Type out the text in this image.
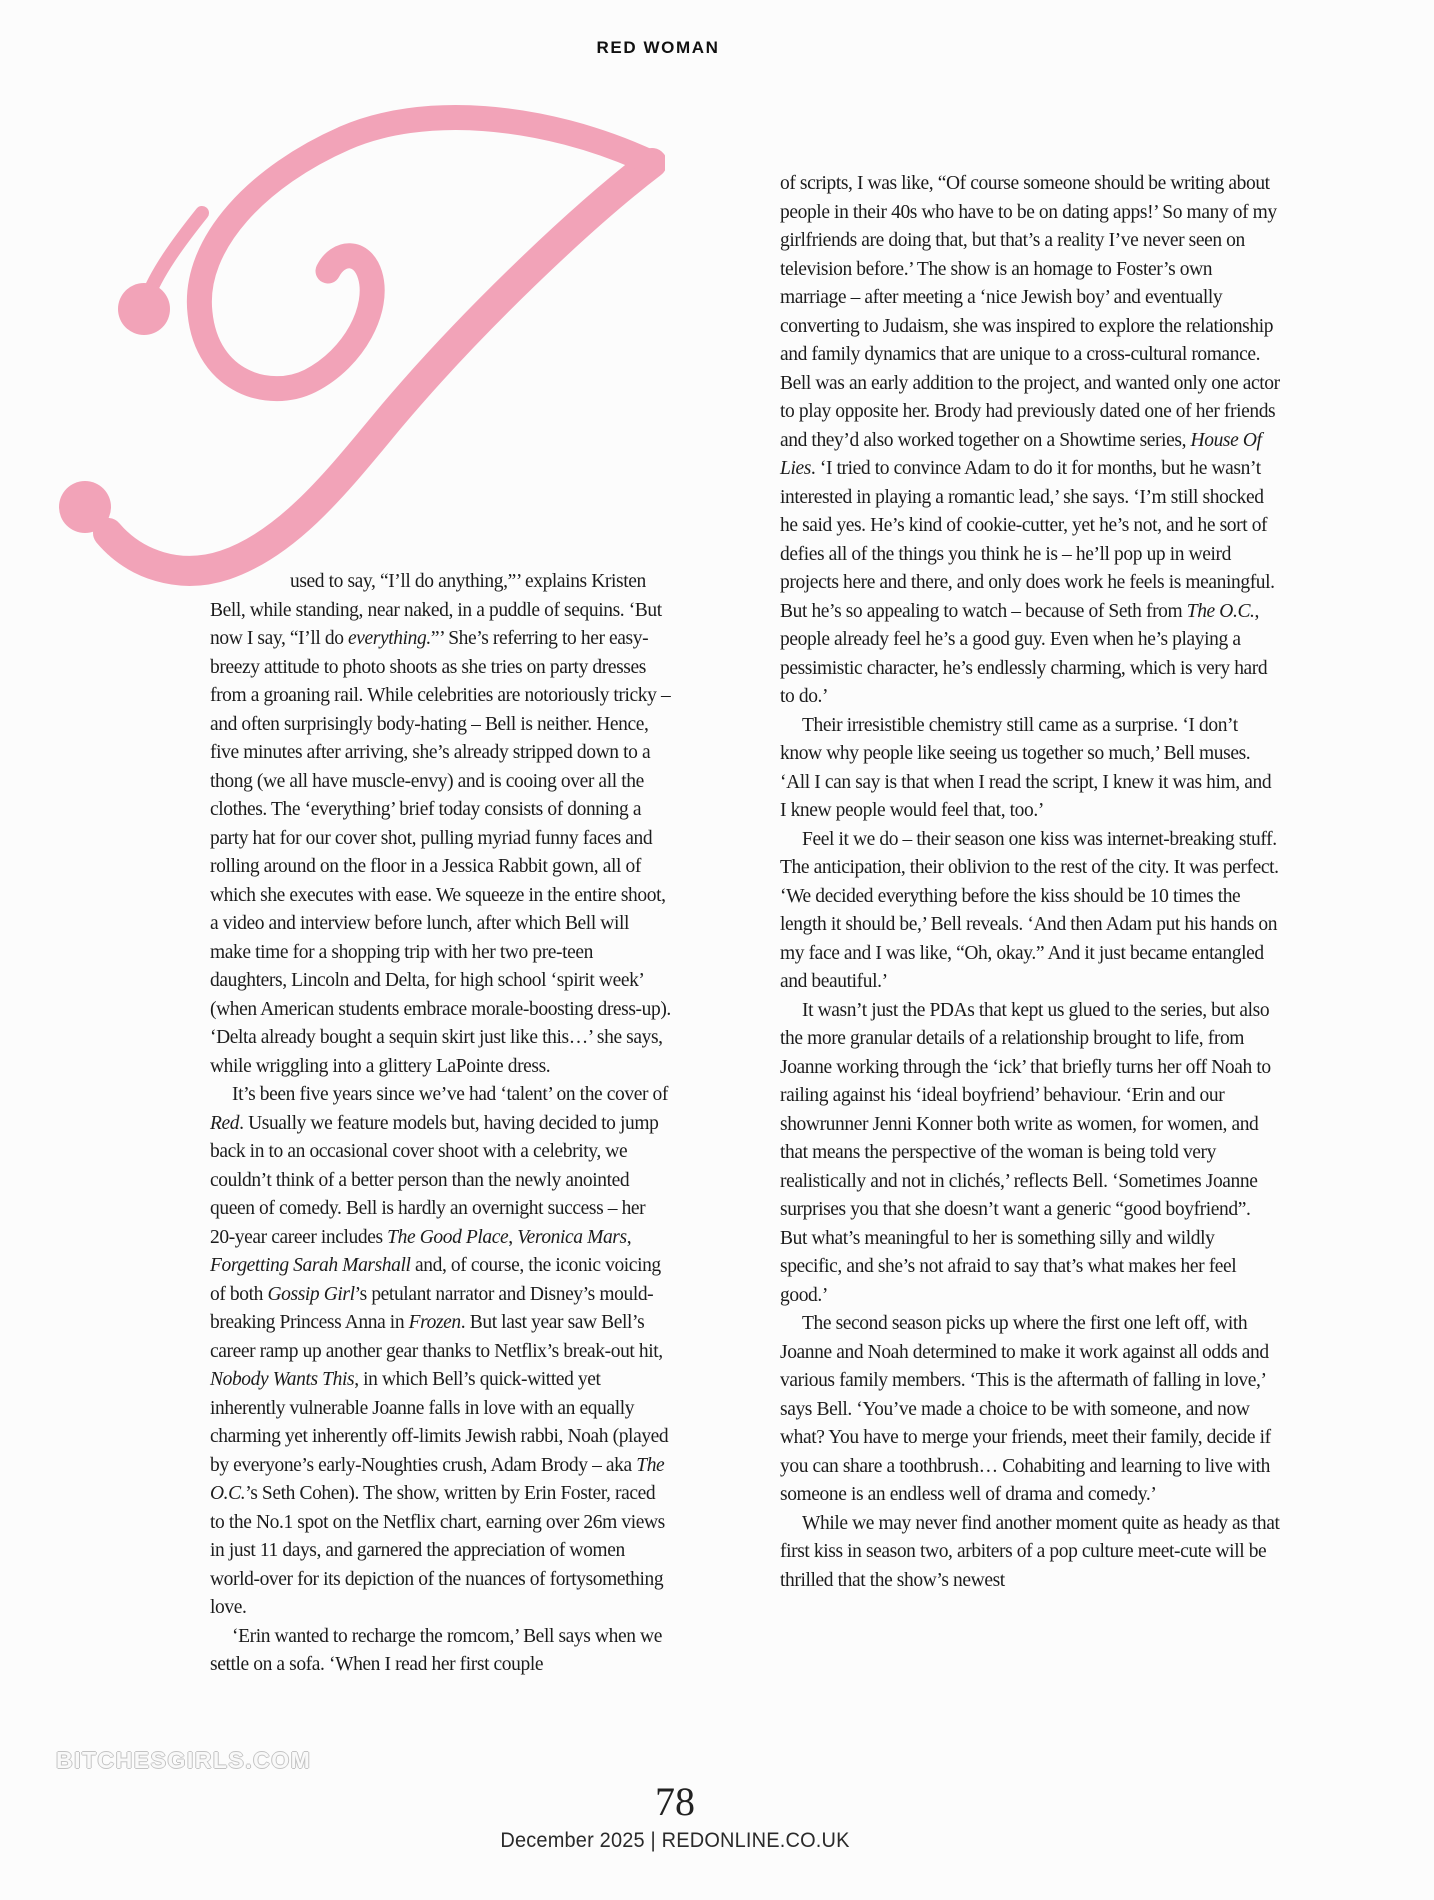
RED WOMAN

used to say, “I’ll do anything,”’ explains Kristen Bell, while standing, near naked, in a puddle of sequins. ‘But now I say, “I’ll do everything.”’ She’s referring to her easy-breezy attitude to photo shoots as she tries on party dresses from a groaning rail. While celebrities are notoriously tricky – and often surprisingly body-hating – Bell is neither. Hence, five minutes after arriving, she’s already stripped down to a thong (we all have muscle-envy) and is cooing over all the clothes. The ‘everything’ brief today consists of donning a party hat for our cover shot, pulling myriad funny faces and rolling around on the floor in a Jessica Rabbit gown, all of which she executes with ease. We squeeze in the entire shoot, a video and interview before lunch, after which Bell will make time for a shopping trip with her two pre-teen daughters, Lincoln and Delta, for high school ‘spirit week’ (when American students embrace morale-boosting dress-up). ‘Delta already bought a sequin skirt just like this…’ she says, while wriggling into a glittery LaPointe dress.

It’s been five years since we’ve had ‘talent’ on the cover of Red. Usually we feature models but, having decided to jump back in to an occasional cover shoot with a celebrity, we couldn’t think of a better person than the newly anointed queen of comedy. Bell is hardly an overnight success – her 20-year career includes The Good Place, Veronica Mars, Forgetting Sarah Marshall and, of course, the iconic voicing of both Gossip Girl’s petulant narrator and Disney’s mould-breaking Princess Anna in Frozen. But last year saw Bell’s career ramp up another gear thanks to Netflix’s break-out hit, Nobody Wants This, in which Bell’s quick-witted yet inherently vulnerable Joanne falls in love with an equally charming yet inherently off-limits Jewish rabbi, Noah (played by everyone’s early-Noughties crush, Adam Brody – aka The O.C.’s Seth Cohen). The show, written by Erin Foster, raced to the No.1 spot on the Netflix chart, earning over 26m views in just 11 days, and garnered the appreciation of women world-over for its depiction of the nuances of fortysomething love.

‘Erin wanted to recharge the romcom,’ Bell says when we settle on a sofa. ‘When I read her first couple

of scripts, I was like, “Of course someone should be writing about people in their 40s who have to be on dating apps!’ So many of my girlfriends are doing that, but that’s a reality I’ve never seen on television before.’ The show is an homage to Foster’s own marriage – after meeting a ‘nice Jewish boy’ and eventually converting to Judaism, she was inspired to explore the relationship and family dynamics that are unique to a cross-cultural romance. Bell was an early addition to the project, and wanted only one actor to play opposite her. Brody had previously dated one of her friends and they’d also worked together on a Showtime series, House Of Lies. ‘I tried to convince Adam to do it for months, but he wasn’t interested in playing a romantic lead,’ she says. ‘I’m still shocked he said yes. He’s kind of cookie-cutter, yet he’s not, and he sort of defies all of the things you think he is – he’ll pop up in weird projects here and there, and only does work he feels is meaningful. But he’s so appealing to watch – because of Seth from The O.C., people already feel he’s a good guy. Even when he’s playing a pessimistic character, he’s endlessly charming, which is very hard to do.’

Their irresistible chemistry still came as a surprise. ‘I don’t know why people like seeing us together so much,’ Bell muses. ‘All I can say is that when I read the script, I knew it was him, and I knew people would feel that, too.’

Feel it we do – their season one kiss was internet-breaking stuff. The anticipation, their oblivion to the rest of the city. It was perfect. ‘We decided everything before the kiss should be 10 times the length it should be,’ Bell reveals. ‘And then Adam put his hands on my face and I was like, “Oh, okay.” And it just became entangled and beautiful.’

It wasn’t just the PDAs that kept us glued to the series, but also the more granular details of a relationship brought to life, from Joanne working through the ‘ick’ that briefly turns her off Noah to railing against his ‘ideal boyfriend’ behaviour. ‘Erin and our showrunner Jenni Konner both write as women, for women, and that means the perspective of the woman is being told very realistically and not in clichés,’ reflects Bell. ‘Sometimes Joanne surprises you that she doesn’t want a generic “good boyfriend”. But what’s meaningful to her is something silly and wildly specific, and she’s not afraid to say that’s what makes her feel good.’

The second season picks up where the first one left off, with Joanne and Noah determined to make it work against all odds and various family members. ‘This is the aftermath of falling in love,’ says Bell. ‘You’ve made a choice to be with someone, and now what? You have to merge your friends, meet their family, decide if you can share a toothbrush… Cohabiting and learning to live with someone is an endless well of drama and comedy.’

While we may never find another moment quite as heady as that first kiss in season two, arbiters of a pop culture meet-cute will be thrilled that the show’s newest

BITCHESGIRLS.COM
78
December 2025 | REDONLINE.CO.UK
